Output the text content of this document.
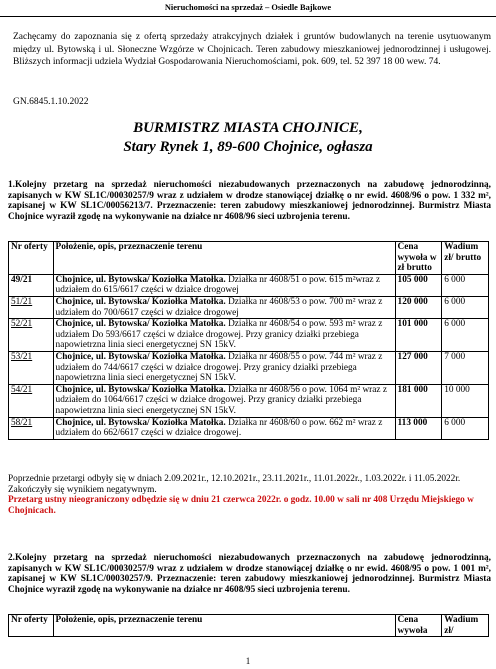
Nieruchomości na sprzedaż – Osiedle Bajkowe
Zachęcamy do zapoznania się z ofertą sprzedaży atrakcyjnych działek i gruntów budowlanych na terenie usytuowanym między ul. Bytowską i ul. Słoneczne Wzgórze w Chojnicach. Teren zabudowy mieszkaniowej jednorodzinnej i usługowej. Bliższych informacji udziela Wydział Gospodarowania Nieruchomościami, pok. 609, tel. 52 397 18 00 wew. 74.
GN.6845.1.10.2022
BURMISTRZ MIASTA CHOJNICE,
Stary Rynek 1, 89-600 Chojnice, ogłasza
1.Kolejny przetarg na sprzedaż nieruchomości niezabudowanych przeznaczonych na zabudowę jednorodzinną, zapisanych w KW SL1C/00030257/9 wraz z udziałem w drodze stanowiącej działkę o nr ewid. 4608/96 o pow. 1 332 m², zapisanej w KW SL1C/00056213/7. Przeznaczenie: teren zabudowy mieszkaniowej jednorodzinnej. Burmistrz Miasta Chojnice wyraził zgodę na wykonywanie na działce nr 4608/96 sieci uzbrojenia terenu.
Nr oferty	Położenie, opis, przeznaczenie terenu	Cena wywoła w zł brutto	Wadium zł/ brutto
49/21	Chojnice, ul. Bytowska/ Koziołka Matołka. Działka nr 4608/51 o pow. 615 m²wraz z udziałem do 615/6617 części w działce drogowej	105 000	6 000
51/21	Chojnice, ul. Bytowska/ Koziołka Matołka. Działka nr 4608/53 o pow. 700 m² wraz z udziałem do 700/6617 części w działce drogowej	120 000	6 000
52/21	Chojnice, ul. Bytowska/ Koziołka Matołka. Działka nr 4608/54 o pow. 593 m² wraz z udziałem Do 593/6617 części w działce drogowej. Przy granicy działki przebiega napowietrzna linia sieci energetycznej SN 15kV.	101 000	6 000
53/21	Chojnice, ul. Bytowska/ Koziołka Matołka. Działka nr 4608/55 o pow. 744 m² wraz z udziałem do 744/6617 części w działce drogowej. Przy granicy działki przebiega napowietrzna linia sieci energetycznej SN 15kV.	127 000	7 000
54/21	Chojnice, ul. Bytowska/ Koziołka Matołka. Działka nr 4608/56 o pow. 1064 m² wraz z udziałem do 1064/6617 części w działce drogowej. Przy granicy działki przebiega napowietrzna linia sieci energetycznej SN 15kV.	181 000	10 000
58/21	Chojnice, ul. Bytowska/ Koziołka Matołka. Działka nr 4608/60 o pow. 662 m² wraz z udziałem do 662/6617 części w działce drogowej.	113 000	6 000
Poprzednie przetargi odbyły się w dniach 2.09.2021r., 12.10.2021r., 23.11.2021r., 11.01.2022r., 1.03.2022r. i 11.05.2022r. Zakończyły się wynikiem negatywnym.
Przetarg ustny nieograniczony odbędzie się w dniu 21 czerwca 2022r. o godz. 10.00 w sali nr 408 Urzędu Miejskiego w Chojnicach.
2.Kolejny przetarg na sprzedaż nieruchomości niezabudowanych przeznaczonych na zabudowę jednorodzinną, zapisanych w KW SL1C/00030257/9 wraz z udziałem w drodze stanowiącej działkę o nr ewid. 4608/95 o pow. 1 001 m², zapisanej w KW SL1C/00030257/9. Przeznaczenie: teren zabudowy mieszkaniowej jednorodzinnej. Burmistrz Miasta Chojnice wyraził zgodę na wykonywanie na działce nr 4608/95 sieci uzbrojenia terenu.
Nr oferty	Położenie, opis, przeznaczenie terenu	Cena wywoła	Wadium zł/
1
